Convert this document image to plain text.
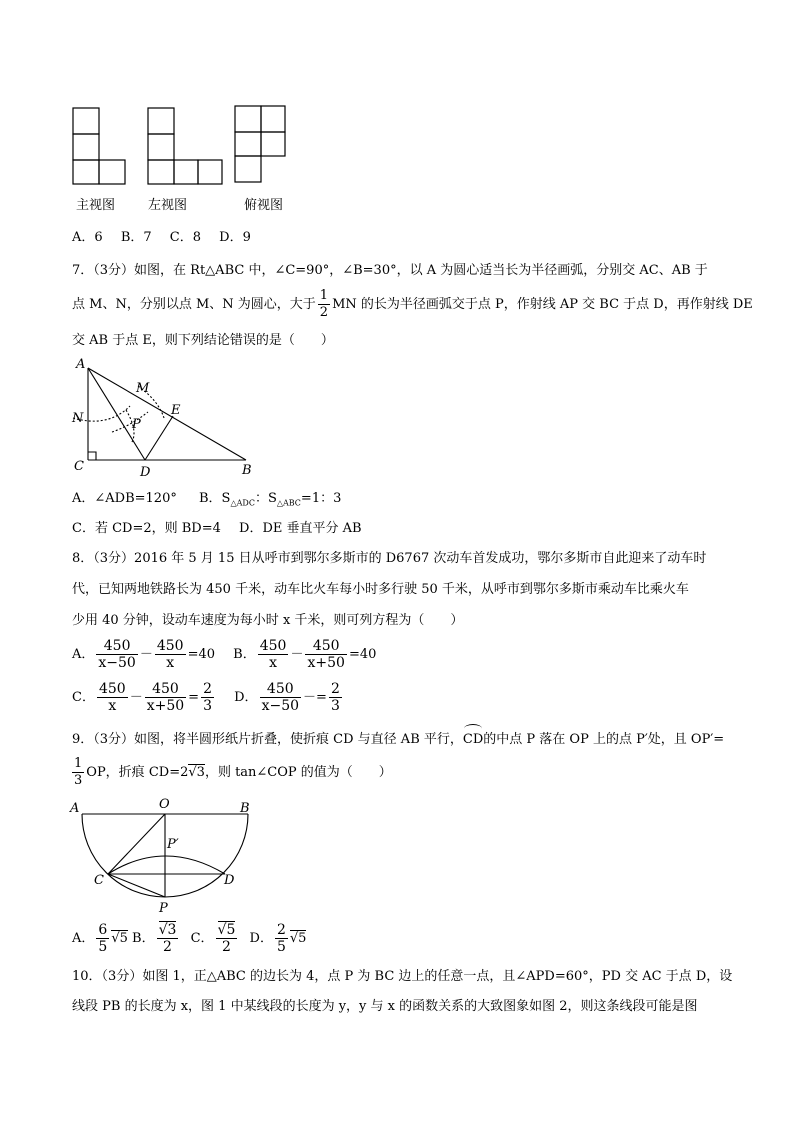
主视图	左视图	俯视图
A．6 B．7 C．8 D．9
7．（3分）如图，在 Rt△ABC 中，∠C=90°，∠B=30°，以 A 为圆心适当长为半径画弧，分别交 AC、AB 于
点 M、N，分别以点 M、N 为圆心，大于 $\frac{1}{2}$ MN 的长为半径画弧交于点 P，作射线 AP 交 BC 于点 D，再作射线 DE
交 AB 于点 E，则下列结论错误的是（　　）
A
M
N
E
P
C	D	B
A．∠ADB=120° B．$S_{\triangle ADC}$：$S_{\triangle ABC}=1$：3
C．若 CD=2，则 BD=4 D．DE 垂直平分 AB
8．（3分）2016 年 5 月 15 日从呼市到鄂尔多斯市的 D6767 次动车首发成功，鄂尔多斯市自此迎来了动车时
代，已知两地铁路长为 450 千米，动车比火车每小时多行驶 50 千米，从呼市到鄂尔多斯市乘动车比乘火车
少用 40 分钟，设动车速度为每小时 x 千米，则可列方程为（　　）
A． $\frac{450}{x-50} - \frac{450}{x} =40$ B． $\frac{450}{x} - \frac{450}{x+50} =40$
C． $\frac{450}{x} - \frac{450}{x+50} = \frac{2}{3}$ D． $\frac{450}{x-50} -= \frac{2}{3}$
9．（3分）如图，将半圆形纸片折叠，使折痕 CD 与直径 AB 平行，
CD的中点 P 落在 OP 上的点 P′处，且 OP′=
$\frac{1}{3}$ OP，折痕 CD=2√3，则 tan∠COP 的值为（　　）
A	O	B
P′
C	D
P
A． $\frac{6}{5} √5$ B． $\frac{√3}{2}$ C． $\frac{√5}{2}$ D． $\frac{2}{5} √5$
10．（3分）如图 1，正△ABC 的边长为 4，点 P 为 BC 边上的任意一点，且∠APD=60°，PD 交 AC 于点 D，设
线段 PB 的长度为 x，图 1 中某线段的长度为 y，y 与 x 的函数关系的大致图象如图 2，则这条线段可能是图
